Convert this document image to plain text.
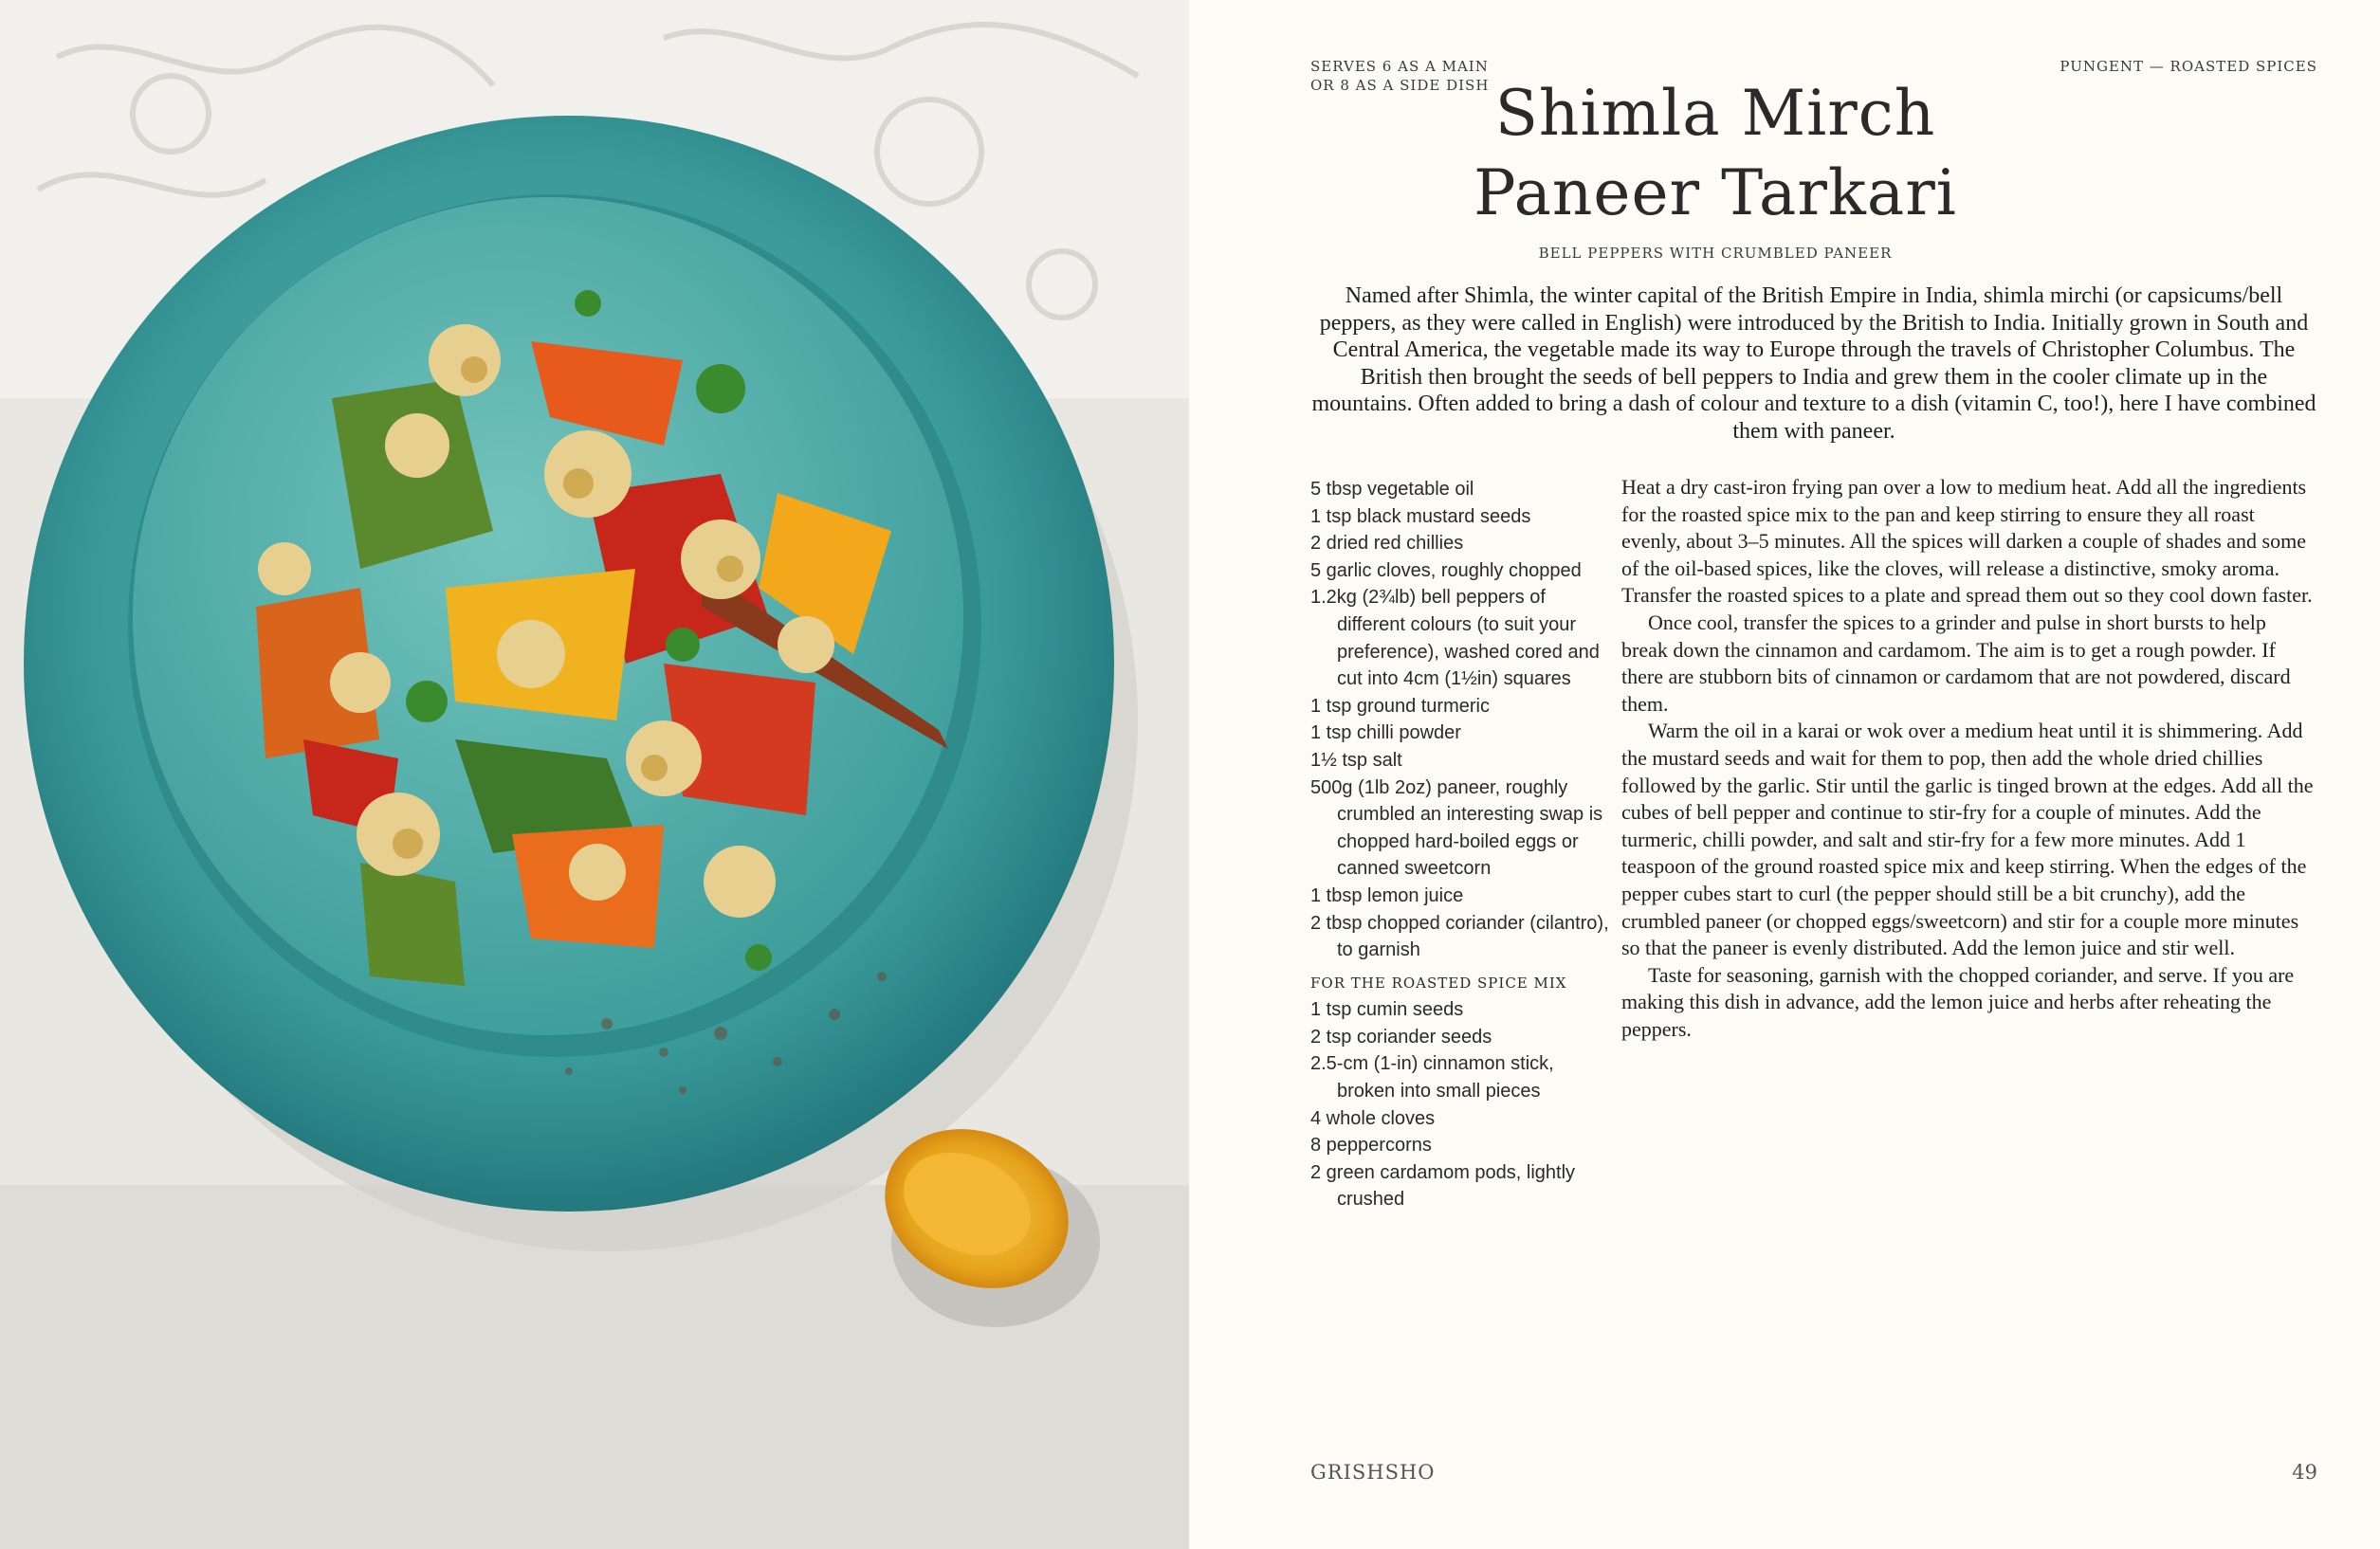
SERVES 6 AS A MAIN
OR 8 AS A SIDE DISH
PUNGENT — ROASTED SPICES
Shimla Mirch
Paneer Tarkari
BELL PEPPERS WITH CRUMBLED PANEER

Named after Shimla, the winter capital of the British Empire in India, shimla mirchi (or capsicums/bell peppers, as they were called in English) were introduced by the British to India. Initially grown in South and Central America, the vegetable made its way to Europe through the travels of Christopher Columbus. The British then brought the seeds of bell peppers to India and grew them in the cooler climate up in the mountains. Often added to bring a dash of colour and texture to a dish (vitamin C, too!), here I have combined them with paneer.

5 tbsp vegetable oil
1 tsp black mustard seeds
2 dried red chillies
5 garlic cloves, roughly chopped
1.2kg (2¾lb) bell peppers of different colours (to suit your preference), washed cored and cut into 4cm (1½in) squares
1 tsp ground turmeric
1 tsp chilli powder
1½ tsp salt
500g (1lb 2oz) paneer, roughly crumbled an interesting swap is chopped hard-boiled eggs or canned sweetcorn
1 tbsp lemon juice
2 tbsp chopped coriander (cilantro), to garnish
FOR THE ROASTED SPICE MIX
1 tsp cumin seeds
2 tsp coriander seeds
2.5-cm (1-in) cinnamon stick, broken into small pieces
4 whole cloves
8 peppercorns
2 green cardamom pods, lightly crushed

Heat a dry cast-iron frying pan over a low to medium heat. Add all the ingredients for the roasted spice mix to the pan and keep stirring to ensure they all roast evenly, about 3–5 minutes. All the spices will darken a couple of shades and some of the oil-based spices, like the cloves, will release a distinctive, smoky aroma. Transfer the roasted spices to a plate and spread them out so they cool down faster.

Once cool, transfer the spices to a grinder and pulse in short bursts to help break down the cinnamon and cardamom. The aim is to get a rough powder. If there are stubborn bits of cinnamon or cardamom that are not powdered, discard them.

Warm the oil in a karai or wok over a medium heat until it is shimmering. Add the mustard seeds and wait for them to pop, then add the whole dried chillies followed by the garlic. Stir until the garlic is tinged brown at the edges. Add all the cubes of bell pepper and continue to stir-fry for a couple of minutes. Add the turmeric, chilli powder, and salt and stir-fry for a few more minutes. Add 1 teaspoon of the ground roasted spice mix and keep stirring. When the edges of the pepper cubes start to curl (the pepper should still be a bit crunchy), add the crumbled paneer (or chopped eggs/sweetcorn) and stir for a couple more minutes so that the paneer is evenly distributed. Add the lemon juice and stir well.

Taste for seasoning, garnish with the chopped coriander, and serve. If you are making this dish in advance, add the lemon juice and herbs after reheating the peppers.

GRISHSHO	49
